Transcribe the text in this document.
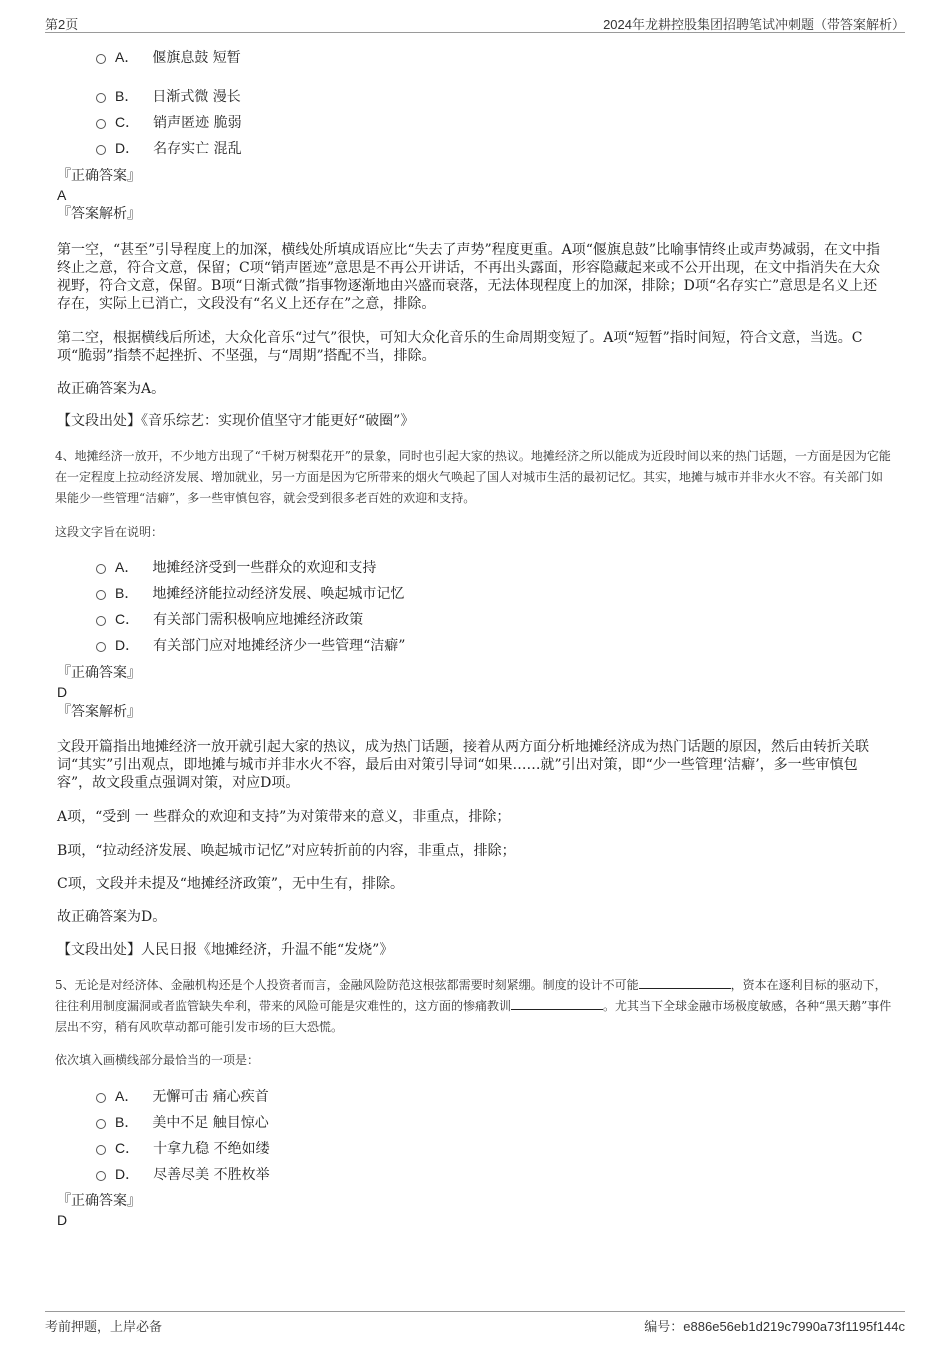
第2页	2024年龙耕控股集团招聘笔试冲刺题（带答案解析）
A． 偃旗息鼓 短暂
B． 日渐式微 漫长
C． 销声匿迹 脆弱
D． 名存实亡 混乱
『正确答案』
A
『答案解析』
第一空，“甚至”引导程度上的加深，横线处所填成语应比“失去了声势”程度更重。A项“偃旗息鼓”比喻事情终止或声势减弱，在文中指终止之意，符合文意，保留；C项“销声匿迹”意思是不再公开讲话，不再出头露面，形容隐藏起来或不公开出现，在文中指消失在大众视野，符合文意，保留。B项“日渐式微”指事物逐渐地由兴盛而衰落，无法体现程度上的加深，排除；D项“名存实亡”意思是名义上还存在，实际上已消亡，文段没有“名义上还存在”之意，排除。
第二空，根据横线后所述，大众化音乐“过气”很快，可知大众化音乐的生命周期变短了。A项“短暂”指时间短，符合文意，当选。C项“脆弱”指禁不起挫折、不坚强，与“周期”搭配不当，排除。
故正确答案为A。
【文段出处】《音乐综艺：实现价值坚守才能更好“破圈”》
4、地摊经济一放开，不少地方出现了“千树万树梨花开”的景象，同时也引起大家的热议。地摊经济之所以能成为近段时间以来的热门话题，一方面是因为它能在一定程度上拉动经济发展、增加就业，另一方面是因为它所带来的烟火气唤起了国人对城市生活的最初记忆。其实，地摊与城市并非水火不容。有关部门如果能少一些管理“洁癖”，多一些审慎包容，就会受到很多老百姓的欢迎和支持。
这段文字旨在说明：
A． 地摊经济受到一些群众的欢迎和支持
B． 地摊经济能拉动经济发展、唤起城市记忆
C． 有关部门需积极响应地摊经济政策
D． 有关部门应对地摊经济少一些管理“洁癖”
『正确答案』
D
『答案解析』
文段开篇指出地摊经济一放开就引起大家的热议，成为热门话题，接着从两方面分析地摊经济成为热门话题的原因，然后由转折关联词“其实”引出观点，即地摊与城市并非水火不容，最后由对策引导词“如果……就”引出对策，即“少一些管理‘洁癖’，多一些审慎包容”，故文段重点强调对策，对应D项。
A项，“受到 一 些群众的欢迎和支持”为对策带来的意义，非重点，排除；
B项，“拉动经济发展、唤起城市记忆”对应转折前的内容，非重点，排除；
C项，文段并未提及“地摊经济政策”，无中生有，排除。
故正确答案为D。
【文段出处】人民日报《地摊经济，升温不能“发烧”》
5、无论是对经济体、金融机构还是个人投资者而言，金融风险防范这根弦都需要时刻紧绷。制度的设计不可能	，资本在逐利目标的驱动下，往往利用制度漏洞或者监管缺失牟利，带来的风险可能是灾难性的，这方面的惨痛教训	。尤其当下全球金融市场极度敏感，各种“黑天鹅”事件层出不穷，稍有风吹草动都可能引发市场的巨大恐慌。
依次填入画横线部分最恰当的一项是：
A． 无懈可击 痛心疾首
B． 美中不足 触目惊心
C． 十拿九稳 不绝如缕
D． 尽善尽美 不胜枚举
『正确答案』
D
考前押题，上岸必备	编号：e886e56eb1d219c7990a73f1195f144c
